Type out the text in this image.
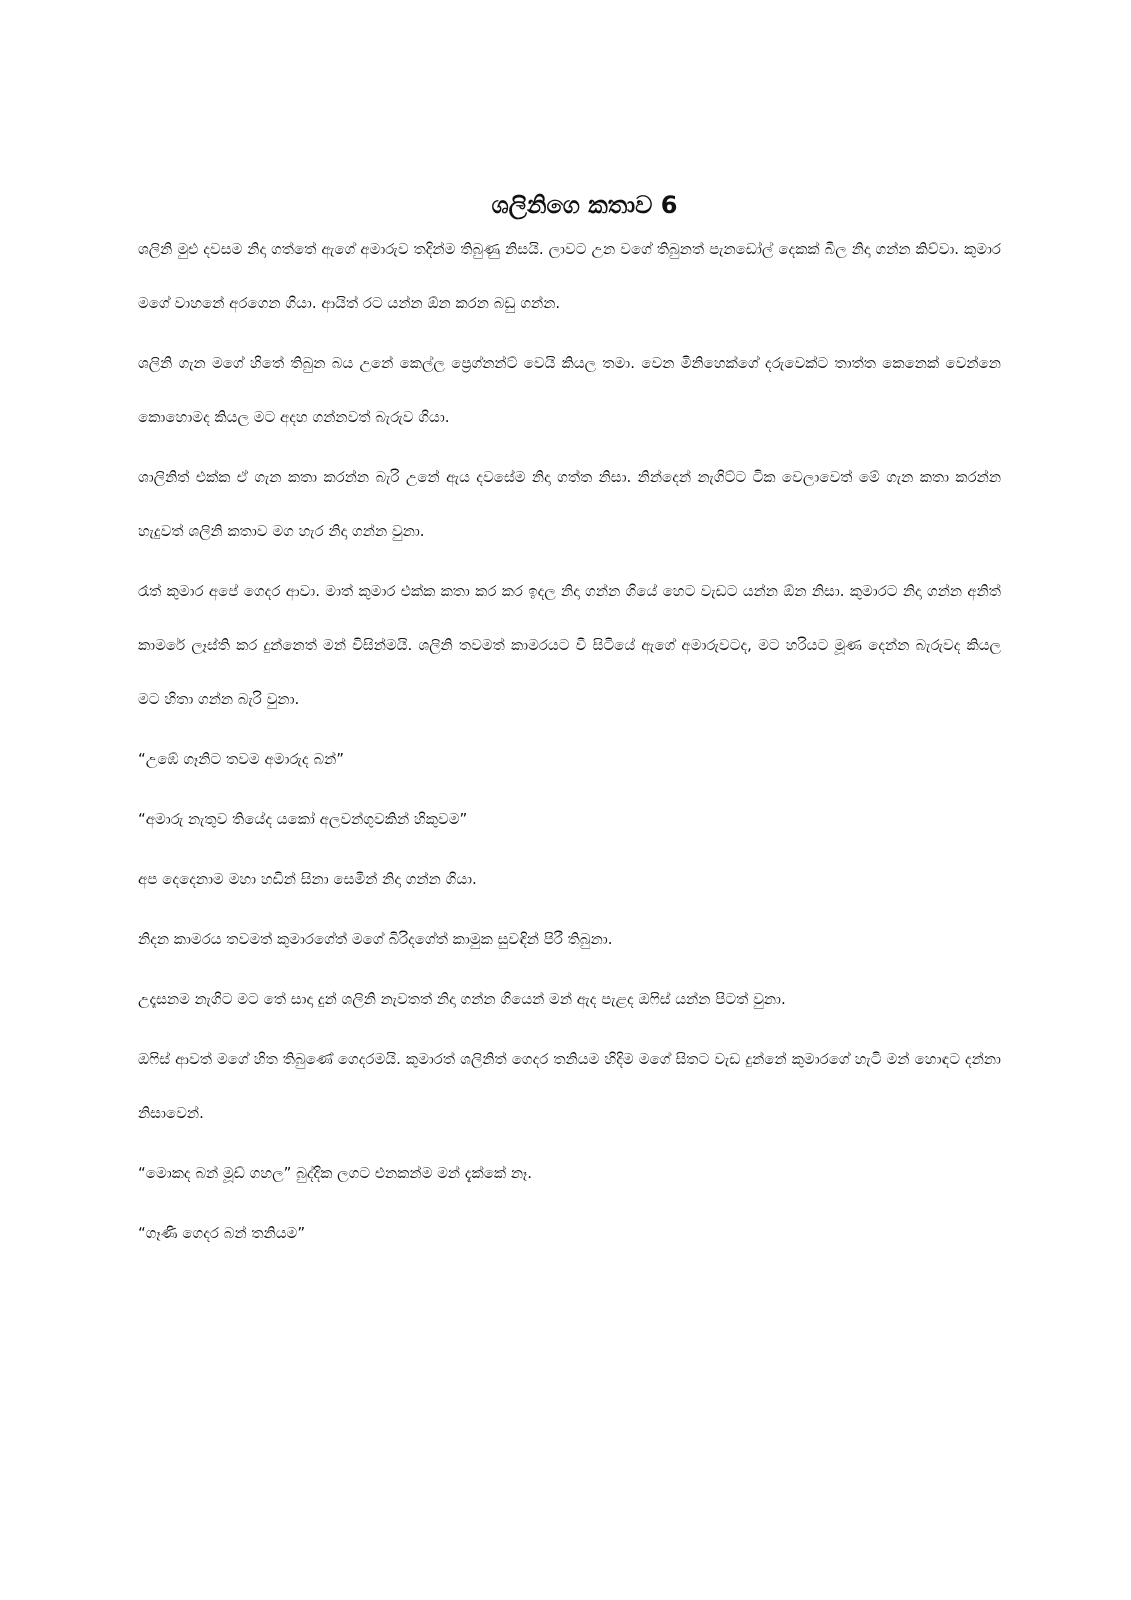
ශලිනිගෙ කතාව 6

ශලිනි මුළු දවසම නිදා ගත්තේ ඇගේ අමාරුව තදින්ම තිබුණු නිසයි. ලාවට උන වගේ තිබුනත් පැනඩෝල් දෙකක් බීල නිදා ගන්න කිව්වා. කුමාර මගේ වාහනේ අරගෙන ගියා. ආයිත් රට යන්න ඕන කරන බඩු ගන්න.

ශලිනි ගැන මගේ හිතේ තිබුන බය උනේ කෙල්ල ප්‍රෙග්නන්ට් වෙයි කියල තමා. වෙන මිනිහෙක්ගේ දරුවෙක්ට තාත්ත කෙනෙක් වෙන්නෙ කොහොමද කියල මට අදහ ගන්නවත් බැරුව ගියා.

ශාලිනිත් එක්ක ඒ ගැන කතා කරන්න බැරි උනේ ඇය දවසේම නිදා ගත්ත නිසා. නින්දෙන් නැගිට්ට ටික වෙලාවෙත් මේ ගැන කතා කරන්න හැදුවත් ශලිනි කතාව මග හැර නිදා ගන්න වුනා.

රෑත් කුමාර අපේ ගෙදර ආවා. මාත් කුමාර එක්ක කතා කර කර ඉදල නිදා ගන්න ගියේ හෙට වැඩට යන්න ඕන නිසා. කුමාරට නිදා ගන්න අනිත් කාමරේ ලෑස්ති කර දුන්නෙත් මන් විසින්මයි. ශලිනි තවමත් කාමරයට වී සිටියේ ඇගේ අමාරුවටද, මට හරියට මූණ දෙන්න බැරුවද කියල මට හිතා ගන්න බැරි වුනා.

“උඹේ ගෑනිට තවම අමාරුද බන්”

“අමාරු නැතුව තියේද යකෝ අලවන්ගුවකින් හිකුවම”

අප දෙදෙනාම මහා හඩින් සිනා සෙමින් නිදා ගන්න ගියා.

නිදන කාමරය තවමත් කුමාරගේත් මගේ බිරිදගේත් කාමුක සුවඳින් පිරී තිබුනා.

උදෑසනම නැගිට මට තේ සාදා දුන් ශලිනි නැවතත් නිදා ගන්න ගියෙන් මන් ඇද පැළද ඔෆිස් යන්න පිටත් වුනා.

ඔෆිස් ආවත් මගේ හිත තිබුණේ ගෙදරමයි. කුමාරත් ශලිනිත් ගෙදර තනියම හිදිම මගේ සිතට වැඩ දුන්නේ කුමාරගේ හැටි මන් හොඳට දන්නා නිසාවෙන්.

“මොකද බන් මූඩ් ගහල” බුද්දික ලගට එනකන්ම මන් දැක්කේ නෑ.

“ගෑණි ගෙදර බන් තනියම”
